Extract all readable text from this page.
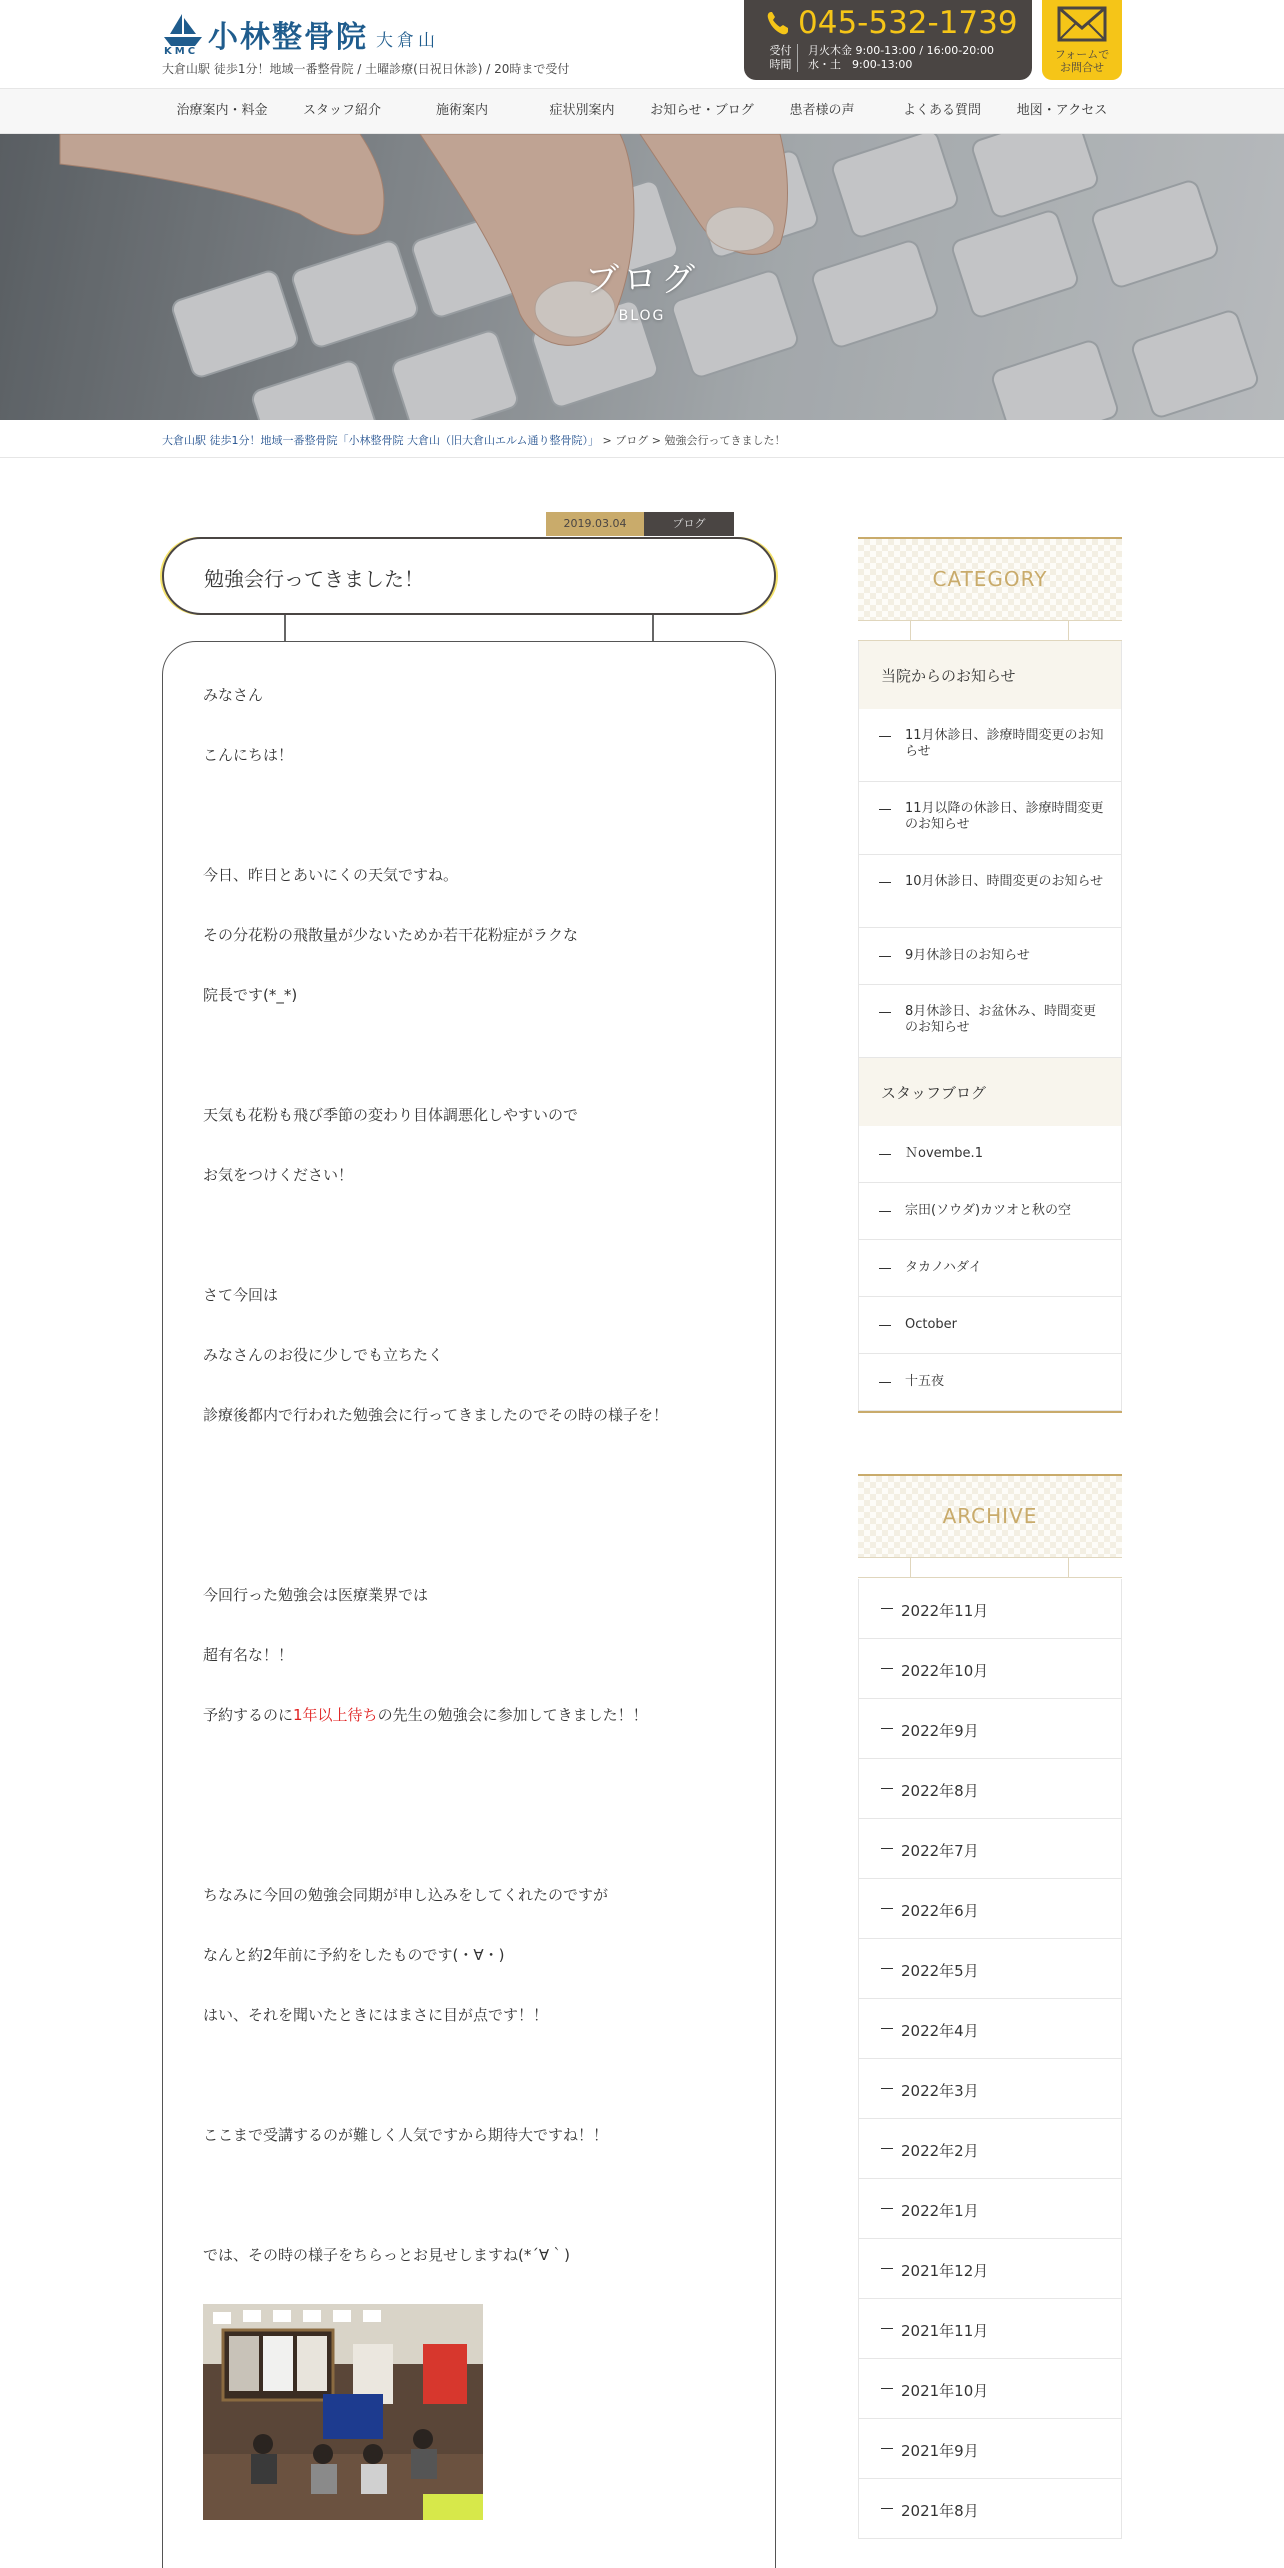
KMC 小林整骨院 大倉山
大倉山駅 徒歩1分！地域一番整骨院 / 土曜診療(日祝日休診) / 20時まで受付
045-532-1739
受付
時間
月火木金 9:00-13:00 / 16:00-20:00
水・土　9:00-13:00
フォームで
お問合せ
治療案内・料金	スタッフ紹介	施術案内	症状別案内	お知らせ・ブログ	患者様の声	よくある質問	地図・アクセス
ブログ
BLOG
大倉山駅 徒歩1分！地域一番整骨院「小林整骨院 大倉山（旧大倉山エルム通り整骨院）」 > ブログ > 勉強会行ってきました！
2019.03.04	ブログ
勉強会行ってきました！
予約するのに1年以上待ちの先生の勉強会に参加してきました！！
みなさん
こんにちは！
今日、昨日とあいにくの天気ですね。
その分花粉の飛散量が少ないためか若干花粉症がラクな
院長です(*_*)
天気も花粉も飛び季節の変わり目体調悪化しやすいので
お気をつけください！
さて今回は
みなさんのお役に少しでも立ちたく
診療後都内で行われた勉強会に行ってきましたのでその時の様子を！
今回行った勉強会は医療業界では
超有名な！！
ちなみに今回の勉強会同期が申し込みをしてくれたのですが
なんと約2年前に予約をしたものです(・∀・)
はい、それを聞いたときにはまさに目が点です！！
ここまで受講するのが難しく人気ですから期待大ですね！！
では、その時の様子をちらっとお見せしますね(*´∀｀)
CATEGORY
当院からのお知らせ
11月休診日、診療時間変更のお知らせ
11月以降の休診日、診療時間変更のお知らせ
10月休診日、時間変更のお知らせ
9月休診日のお知らせ
8月休診日、お盆休み、時間変更のお知らせ
スタッフブログ
Ｎovembe.1
宗田(ソウダ)カツオと秋の空
タカノハダイ
October
十五夜
ARCHIVE
2022年11月
2022年10月
2022年9月
2022年8月
2022年7月
2022年6月
2022年5月
2022年4月
2022年3月
2022年2月
2022年1月
2021年12月
2021年11月
2021年10月
2021年9月
2021年8月
